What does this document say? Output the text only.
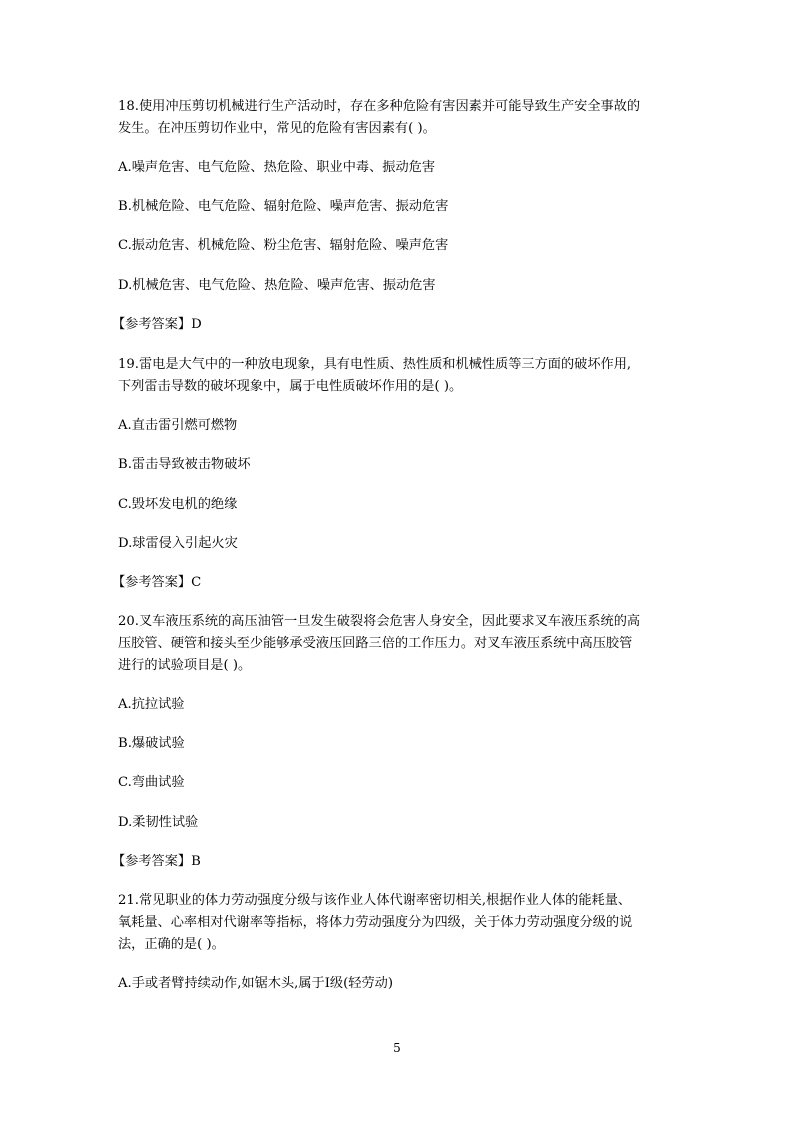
18.使用冲压剪切机械进行生产活动时，存在多种危险有害因素并可能导致生产安全事故的
发生。在冲压剪切作业中，常见的危险有害因素有( )。
A.噪声危害、电气危险、热危险、职业中毒、振动危害
B.机械危险、电气危险、辐射危险、噪声危害、振动危害
C.振动危害、机械危险、粉尘危害、辐射危险、噪声危害
D.机械危害、电气危险、热危险、噪声危害、振动危害
【参考答案】D
19.雷电是大气中的一种放电现象，具有电性质、热性质和机械性质等三方面的破坏作用,
下列雷击导数的破坏现象中，属于电性质破坏作用的是( )。
A.直击雷引燃可燃物
B.雷击导致被击物破坏
C.毁坏发电机的绝缘
D.球雷侵入引起火灾
【参考答案】C
20.叉车液压系统的高压油管一旦发生破裂将会危害人身安全，因此要求叉车液压系统的高
压胶管、硬管和接头至少能够承受液压回路三倍的工作压力。对叉车液压系统中高压胶管
进行的试验项目是( )。
A.抗拉试验
B.爆破试验
C.弯曲试验
D.柔韧性试验
【参考答案】B
21.常见职业的体力劳动强度分级与该作业人体代谢率密切相关,根据作业人体的能耗量、
氧耗量、心率相对代谢率等指标，将体力劳动强度分为四级，关于体力劳动强度分级的说
法，正确的是( )。
A.手或者臂持续动作,如锯木头,属于Ⅰ级(轻劳动)
5
